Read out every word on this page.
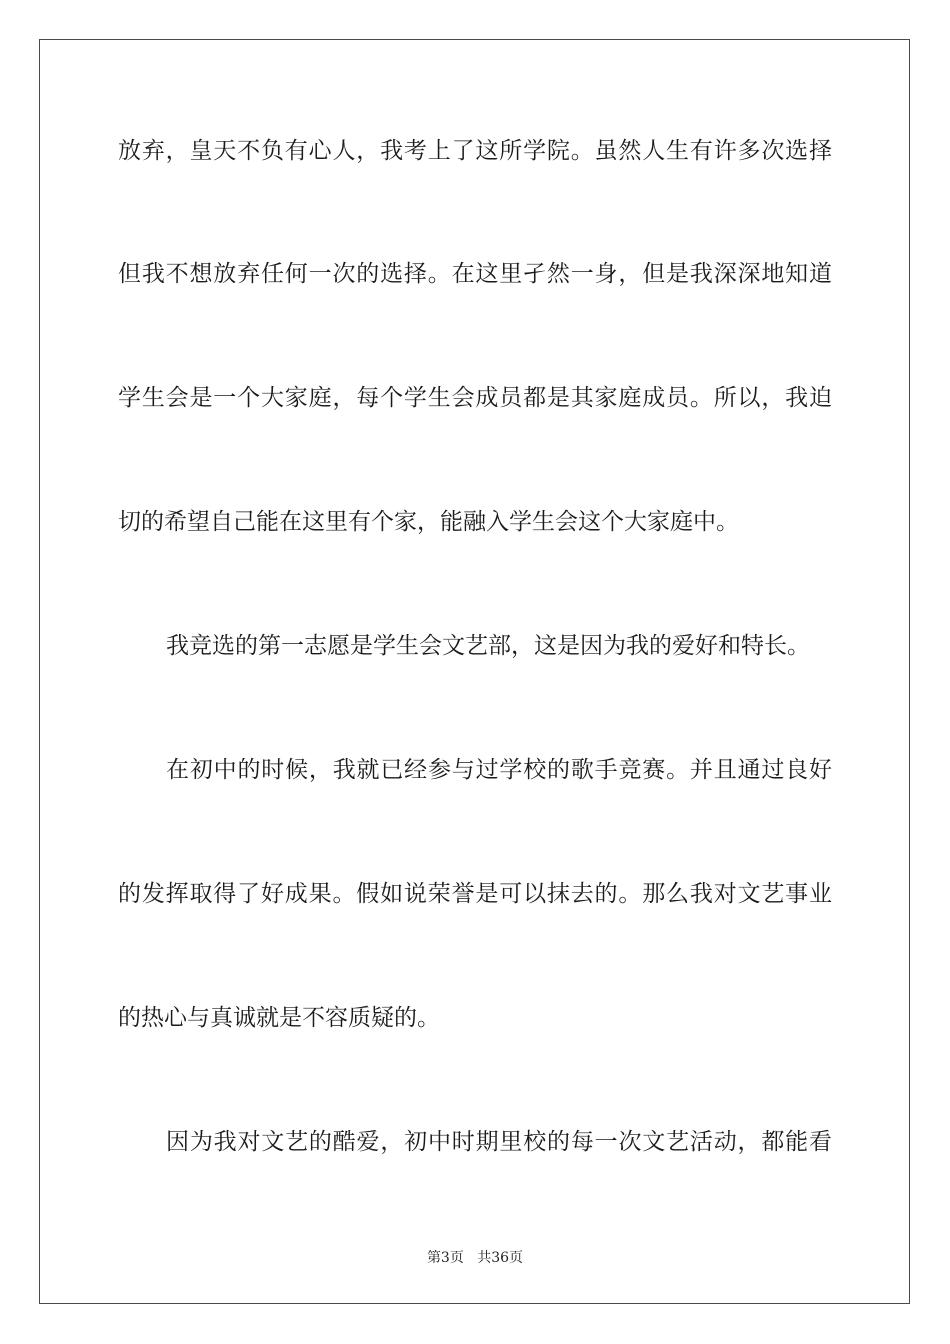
放弃，皇天不负有心人，我考上了这所学院。虽然人生有许多次选择
但我不想放弃任何一次的选择。在这里孑然一身，但是我深深地知道
学生会是一个大家庭，每个学生会成员都是其家庭成员。所以，我迫
切的希望自己能在这里有个家，能融入学生会这个大家庭中。
我竞选的第一志愿是学生会文艺部，这是因为我的爱好和特长。
在初中的时候，我就已经参与过学校的歌手竞赛。并且通过良好
的发挥取得了好成果。假如说荣誉是可以抹去的。那么我对文艺事业
的热心与真诚就是不容质疑的。
因为我对文艺的酷爱，初中时期里校的每一次文艺活动，都能看
第3页 共36页
